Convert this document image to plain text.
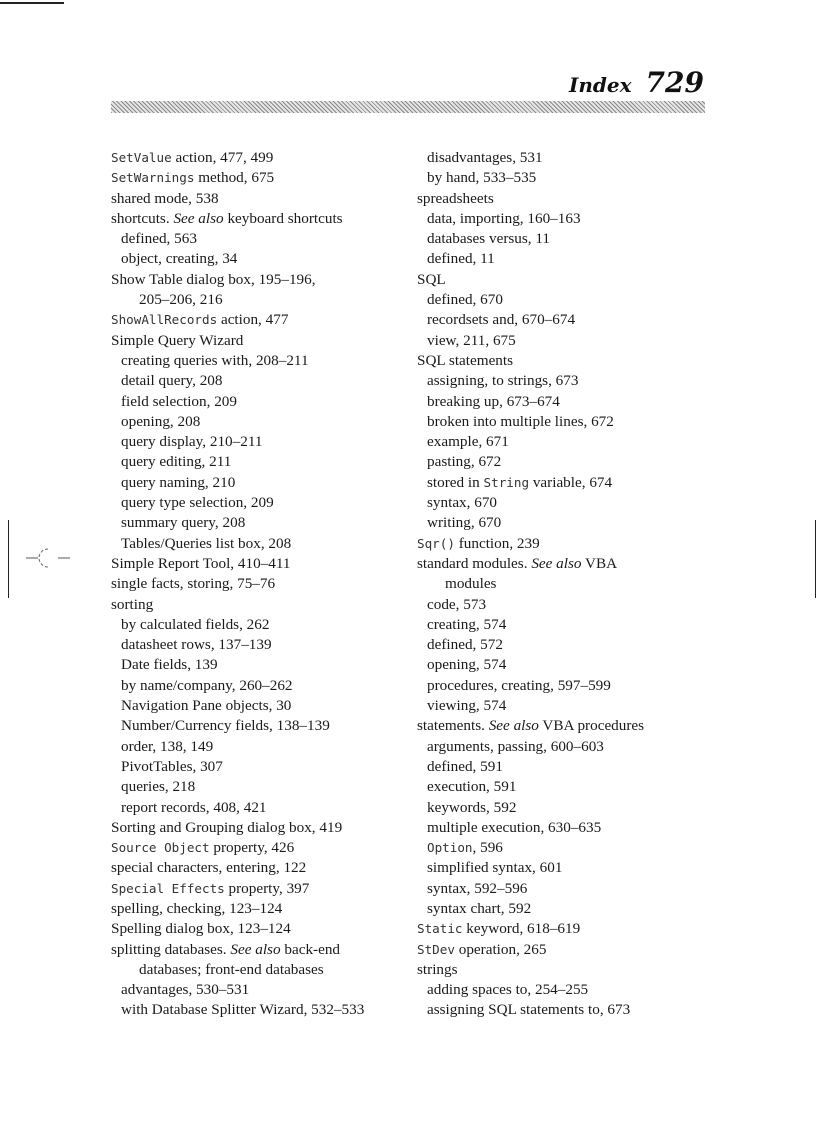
Index 729
SetValue action, 477, 499
SetWarnings method, 675
shared mode, 538
shortcuts. See also keyboard shortcuts
defined, 563
object, creating, 34
Show Table dialog box, 195–196,
205–206, 216
ShowAllRecords action, 477
Simple Query Wizard
creating queries with, 208–211
detail query, 208
field selection, 209
opening, 208
query display, 210–211
query editing, 211
query naming, 210
query type selection, 209
summary query, 208
Tables/Queries list box, 208
Simple Report Tool, 410–411
single facts, storing, 75–76
sorting
by calculated fields, 262
datasheet rows, 137–139
Date fields, 139
by name/company, 260–262
Navigation Pane objects, 30
Number/Currency fields, 138–139
order, 138, 149
PivotTables, 307
queries, 218
report records, 408, 421
Sorting and Grouping dialog box, 419
Source Object property, 426
special characters, entering, 122
Special Effects property, 397
spelling, checking, 123–124
Spelling dialog box, 123–124
splitting databases. See also back-end
databases; front-end databases
advantages, 530–531
with Database Splitter Wizard, 532–533
disadvantages, 531
by hand, 533–535
spreadsheets
data, importing, 160–163
databases versus, 11
defined, 11
SQL
defined, 670
recordsets and, 670–674
view, 211, 675
SQL statements
assigning, to strings, 673
breaking up, 673–674
broken into multiple lines, 672
example, 671
pasting, 672
stored in String variable, 674
syntax, 670
writing, 670
Sqr() function, 239
standard modules. See also VBA
modules
code, 573
creating, 574
defined, 572
opening, 574
procedures, creating, 597–599
viewing, 574
statements. See also VBA procedures
arguments, passing, 600–603
defined, 591
execution, 591
keywords, 592
multiple execution, 630–635
Option, 596
simplified syntax, 601
syntax, 592–596
syntax chart, 592
Static keyword, 618–619
StDev operation, 265
strings
adding spaces to, 254–255
assigning SQL statements to, 673
